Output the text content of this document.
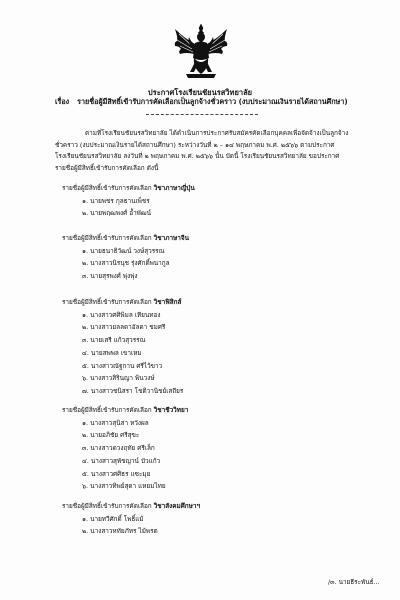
ประกาศโรงเรียนชัยนรสวิทยาลัย
เรื่อง รายชื่อผู้มีสิทธิ์เข้ารับการคัดเลือกเป็นลูกจ้างชั่วคราว (งบประมาณเงินรายได้สถานศึกษา)
ตามที่โรงเรียนชัยนรสวิทยาลัย ได้ดำเนินการประกาศรับสมัครคัดเลือกบุคคลเพื่อจัดจ้างเป็นลูกจ้าง
ชั่วคราว (งบประมาณเงินรายได้สถานศึกษา) ระหว่างวันที่ ๒ – ๑๔ พฤษภาคม พ.ศ. ๒๕๖๖ ตามประกาศ
โรงเรียนชัยนรสวิทยาลัย ลงวันที่ ๒ พฤษภาคม พ.ศ. ๒๕๖๖ นั้น บัดนี้ โรงเรียนชัยนรสวิทยาลัย ขอประกาศ
รายชื่อผู้มีสิทธิ์เข้ารับการคัดเลือก ดังนี้
รายชื่อผู้มีสิทธิ์เข้ารับการคัดเลือก วิชาภาษาญี่ปุ่น
๑. นายพชร กุลธานเพ็ชร
๒. นายพฤฒพงศ์ อ้ำพัฒน์
รายชื่อผู้มีสิทธิ์เข้ารับการคัดเลือก วิชาภาษาจีน
๑. นายธนาธิวัฒน์ วงษ์สุวรรณ
๒. นางสาวนิรนุช รุ่งศักดิ์พนากูล
๓. นายสุรพงศ์ พุ่งพุ่ง
รายชื่อผู้มีสิทธิ์เข้ารับการคัดเลือก วิชาฟิสิกส์
๑. นางสาวศศิพิมล เทียนทอง
๒. นางสาวยลลดาอัลดา ชมศรี
๓. นายเสรี แก้วสุวรรณ
๔. นายสพพล เขาเหม
๕. นางสาวณัฐกาน ศรีไว้ขาว
๖. นางสาวสิรินญา พินวงษ์
๗. นางสาวชนิสรา โชติวานิชย์เสถียร
รายชื่อผู้มีสิทธิ์เข้ารับการคัดเลือก วิชาชีววิทยา
๑. นางสาวสุนิสา หวังผล
๒. นายอภิชัย ศรีสุขะ
๓. นางสาวดวงฤทัย ศรีเล็ก
๔. นางสาวสุพัชญาน์ บัวแก้ว
๕. นางสาวศศิธร แซะมุย
๖. นางสาวทิพย์สุดา แหยมไทย
รายชื่อผู้มีสิทธิ์เข้ารับการคัดเลือก วิชาสังคมศึกษาฯ
๑. นายทวีศักดิ์ โพธิ์แม้
๒. นางสาวหทัยภัทร ไม้พรต
/๓. นายธีระพันธ์...
